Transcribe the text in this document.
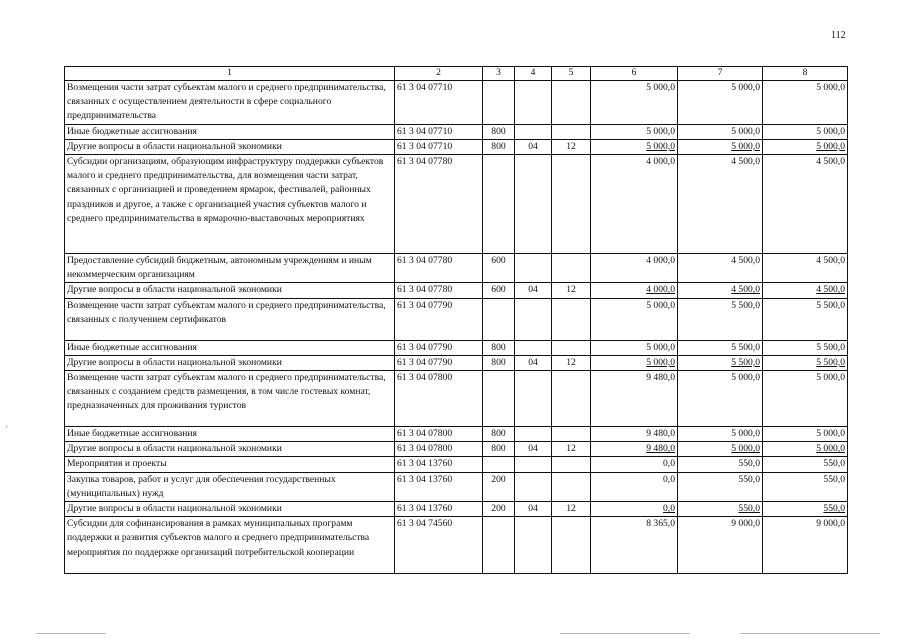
112
›
1	2	3	4	5	6	7	8
Возмещения части затрат субъектам малого и среднего предпринимательства, связанных с осуществлением деятельности в сфере социального предпринимательства	61 3 04 07710				5 000,0	5 000,0	5 000,0
Иные бюджетные ассигнования	61 3 04 07710	800			5 000,0	5 000,0	5 000,0
Другие вопросы в области национальной экономики	61 3 04 07710	800	04	12	5 000,0	5 000,0	5 000,0
Субсидии организациям, образующим инфраструктуру поддержки субъектов малого и среднего предпринимательства, для возмещения части затрат, связанных с организацией и проведением ярмарок, фестивалей, районных праздников и другое, а также с организацией участия субъектов малого и среднего предпринимательства в ярмарочно-выставочных мероприятиях	61 3 04 07780				4 000,0	4 500,0	4 500,0
Предоставление субсидий бюджетным, автономным учреждениям и иным некоммерческим организациям	61 3 04 07780	600			4 000,0	4 500,0	4 500,0
Другие вопросы в области национальной экономики	61 3 04 07780	600	04	12	4 000,0	4 500,0	4 500,0
Возмещение части затрат субъектам малого и среднего предпринимательства, связанных с получением сертификатов	61 3 04 07790				5 000,0	5 500,0	5 500,0
Иные бюджетные ассигнования	61 3 04 07790	800			5 000,0	5 500,0	5 500,0
Другие вопросы в области национальной экономики	61 3 04 07790	800	04	12	5 000,0	5 500,0	5 500,0
Возмещение части затрат субъектам малого и среднего предпринимательства, связанных с созданием средств размещения, в том числе гостевых комнат, предназначенных для проживания туристов	61 3 04 07800				9 480,0	5 000,0	5 000,0
Иные бюджетные ассигнования	61 3 04 07800	800			9 480,0	5 000,0	5 000,0
Другие вопросы в области национальной экономики	61 3 04 07800	800	04	12	9 480,0	5 000,0	5 000,0
Мероприятия и проекты	61 3 04 13760				0,0	550,0	550,0
Закупка товаров, работ и услуг для обеспечения государственных (муниципальных) нужд	61 3 04 13760	200			0,0	550,0	550,0
Другие вопросы в области национальной экономики	61 3 04 13760	200	04	12	0,0	550,0	550,0
Субсидии для софинансирования в рамках муниципальных программ поддержки и развития субъектов малого и среднего предпринимательства мероприятия по поддержке организаций потребительской кооперации	61 3 04 74560				8 365,0	9 000,0	9 000,0
